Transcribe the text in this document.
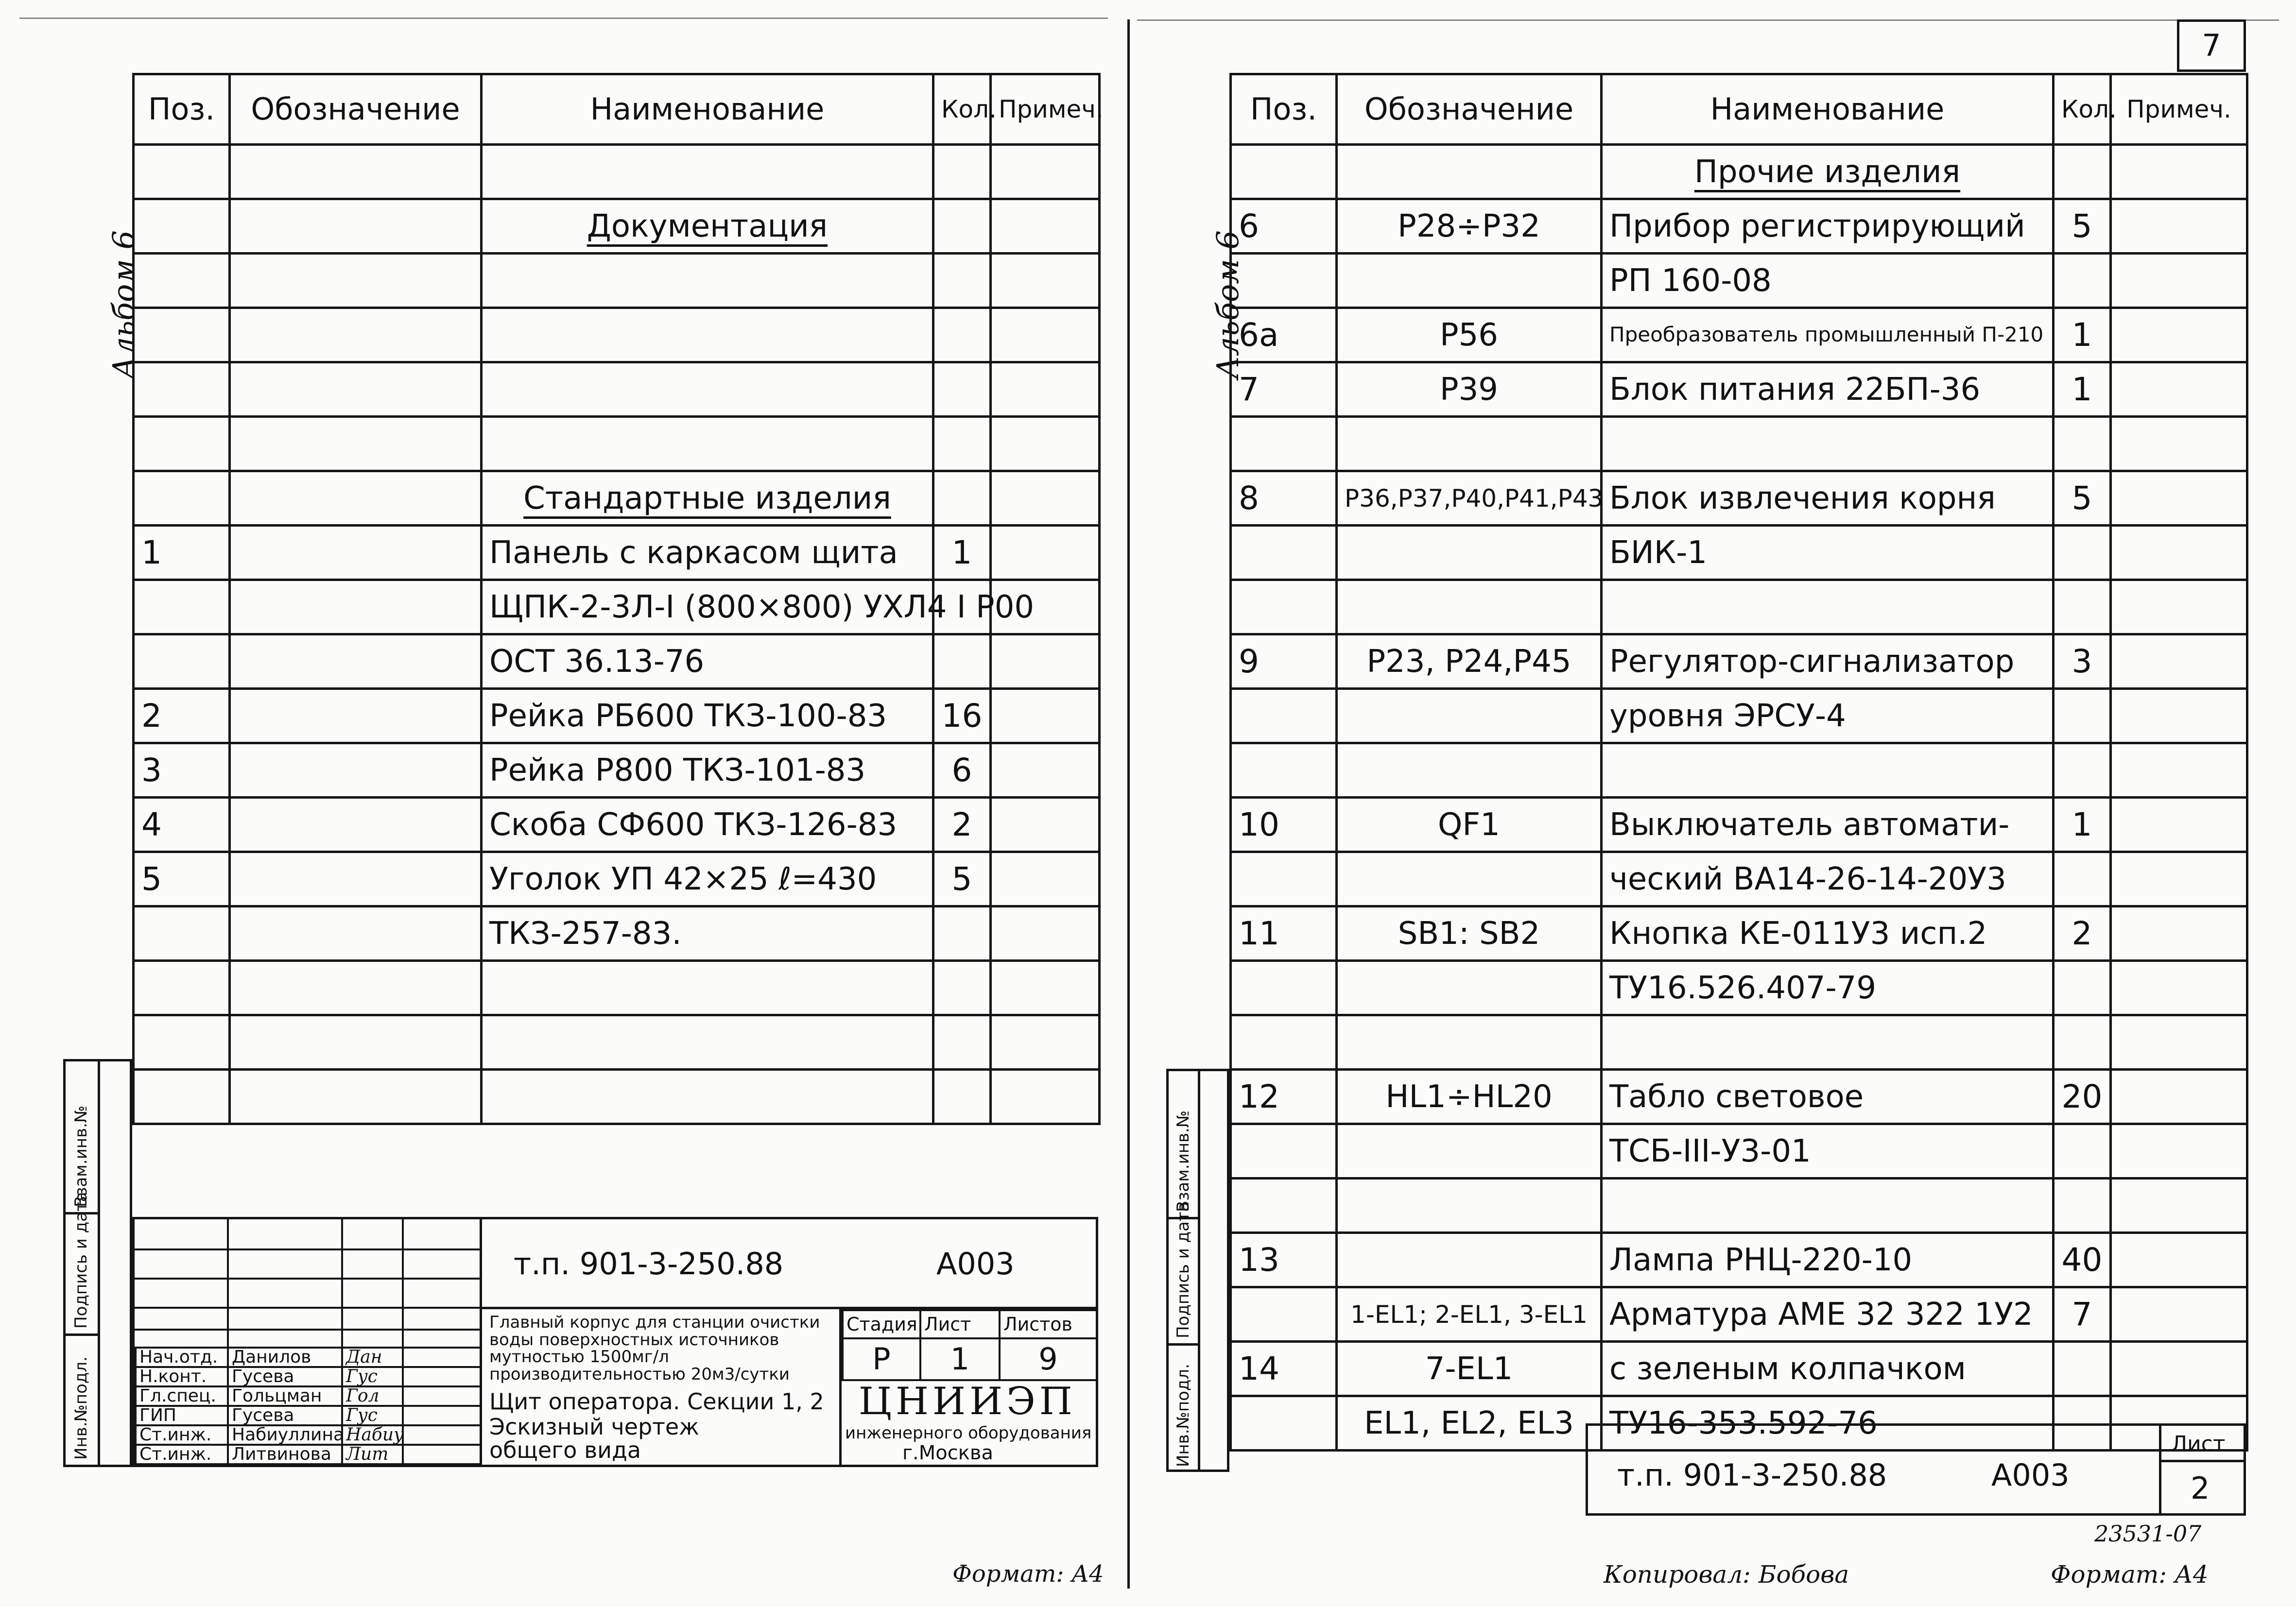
Альбом 6
Поз.	Обозначение	Наименование	Кол.	Примеч.

		Документация		

		Стандартные изделия		
1		Панель с каркасом щита	1	
		ЩПК-2-3Л-I (800×800) УХЛ4 I Р00		
		ОСТ 36.13-76		
2		Рейка РБ600 ТКЗ-100-83	16	
3		Рейка Р800 ТКЗ-101-83	6	
4		Скоба СФ600 ТКЗ-126-83	2	
5		Уголок УП 42×25 ℓ=430	5	
		ТКЗ-257-83.		

Инв.№подл.
Подпись и дата
Взам.инв.№
т.п. 901-3-250.88	А003
Главный корпус для станции очистки воды поверхностных источников мутностью 1500мг/л производительностью 20м3/сутки
Щит оператора. Секции 1, 2
Эскизный чертеж
общего вида
Стадия	Лист	Листов
Р	1	9
ЦНИИЭП
инженерного оборудования
г.Москва
Нач.отд.	Данилов	Дан	
Н.конт.	Гусева	Гус	
Гл.спец.	Гольцман	Гол	
ГИП	Гусева	Гус	
Ст.инж.	Набиуллина	Набиу	
Ст.инж.	Литвинова	Лит	
Формат: А4
7
Альбом 6
Поз.	Обозначение	Наименование	Кол.	Примеч.
		Прочие изделия		
6	P28÷P32	Прибор регистрирующий	5	
		РП 160-08		
6а	P56	Преобразователь промышленный П-210	1	
7	P39	Блок питания 22БП-36	1	

8	P36,P37,P40,P41,P43	Блок извлечения корня	5	
		БИК-1		

9	P23, P24,P45	Регулятор-сигнализатор	3	
		уровня ЭРСУ-4		

10	QF1	Выключатель автомати-	1	
		ческий ВА14-26-14-20У3		
11	SB1: SB2	Кнопка КЕ-011У3 исп.2	2	
		ТУ16.526.407-79		

12	HL1÷HL20	Табло световое	20	
		ТСБ-III-У3-01		

13		Лампа РНЦ-220-10	40	
	1-EL1; 2-EL1, 3-EL1	Арматура АМЕ 32 322 1У2	7	
14	7-EL1	с зеленым колпачком		
	EL1, EL2, EL3	ТУ16-353.592-76		
Инв.№подл.
Подпись и дата
Взам.инв.№
т.п. 901-3-250.88	А003
Лист
2
23531-07
Копировал: Бобова	Формат: А4
